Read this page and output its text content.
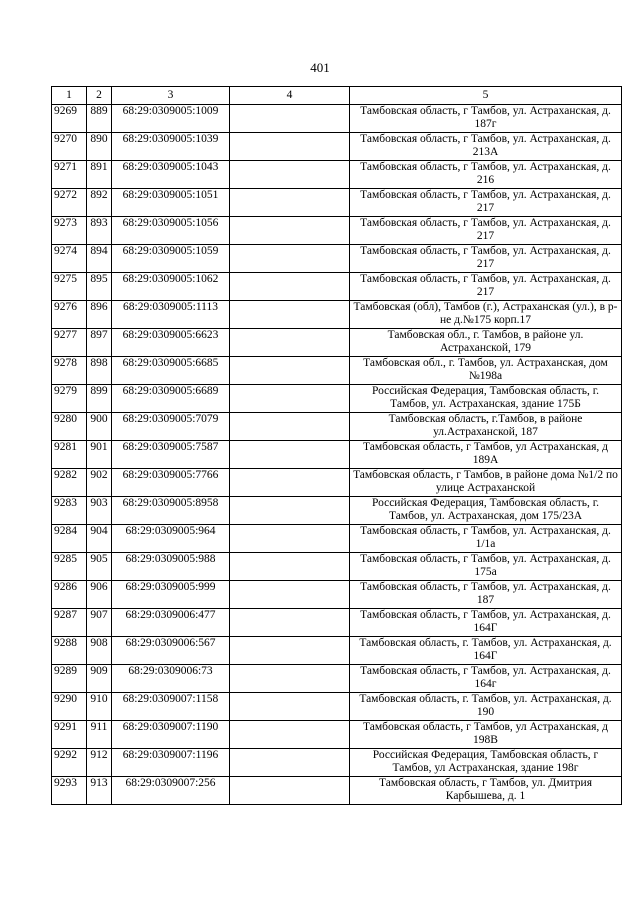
401
1	2	3	4	5
9269	889	68:29:0309005:1009		Тамбовская область, г Тамбов, ул. Астраханская, д. 187г
9270	890	68:29:0309005:1039		Тамбовская область, г Тамбов, ул. Астраханская, д. 213А
9271	891	68:29:0309005:1043		Тамбовская область, г Тамбов, ул. Астраханская, д. 216
9272	892	68:29:0309005:1051		Тамбовская область, г Тамбов, ул. Астраханская, д. 217
9273	893	68:29:0309005:1056		Тамбовская область, г Тамбов, ул. Астраханская, д. 217
9274	894	68:29:0309005:1059		Тамбовская область, г Тамбов, ул. Астраханская, д. 217
9275	895	68:29:0309005:1062		Тамбовская область, г Тамбов, ул. Астраханская, д. 217
9276	896	68:29:0309005:1113		Тамбовская (обл), Тамбов (г.), Астраханская (ул.), в р-не д.№175 корп.17
9277	897	68:29:0309005:6623		Тамбовская обл., г. Тамбов, в районе ул. Астраханской, 179
9278	898	68:29:0309005:6685		Тамбовская обл., г. Тамбов, ул. Астраханская, дом №198а
9279	899	68:29:0309005:6689		Российская Федерация, Тамбовская область, г. Тамбов, ул. Астраханская, здание 175Б
9280	900	68:29:0309005:7079		Тамбовская область, г.Тамбов, в районе ул.Астраханской, 187
9281	901	68:29:0309005:7587		Тамбовская область, г Тамбов, ул Астраханская, д 189А
9282	902	68:29:0309005:7766		Тамбовская область, г Тамбов, в районе дома №1/2 по улице Астраханской
9283	903	68:29:0309005:8958		Российская Федерация, Тамбовская область, г. Тамбов, ул. Астраханская, дом 175/23А
9284	904	68:29:0309005:964		Тамбовская область, г Тамбов, ул. Астраханская, д. 1/1а
9285	905	68:29:0309005:988		Тамбовская область, г Тамбов, ул. Астраханская, д. 175а
9286	906	68:29:0309005:999		Тамбовская область, г Тамбов, ул. Астраханская, д. 187
9287	907	68:29:0309006:477		Тамбовская область, г Тамбов, ул. Астраханская, д. 164Г
9288	908	68:29:0309006:567		Тамбовская область, г. Тамбов, ул. Астраханская, д. 164Г
9289	909	68:29:0309006:73		Тамбовская область, г Тамбов, ул. Астраханская, д. 164г
9290	910	68:29:0309007:1158		Тамбовская область, г. Тамбов, ул. Астраханская, д. 190
9291	911	68:29:0309007:1190		Тамбовская область, г Тамбов, ул Астраханская, д 198В
9292	912	68:29:0309007:1196		Российская Федерация, Тамбовская область, г Тамбов, ул Астраханская, здание 198г
9293	913	68:29:0309007:256		Тамбовская область, г Тамбов, ул. Дмитрия Карбышева, д. 1
